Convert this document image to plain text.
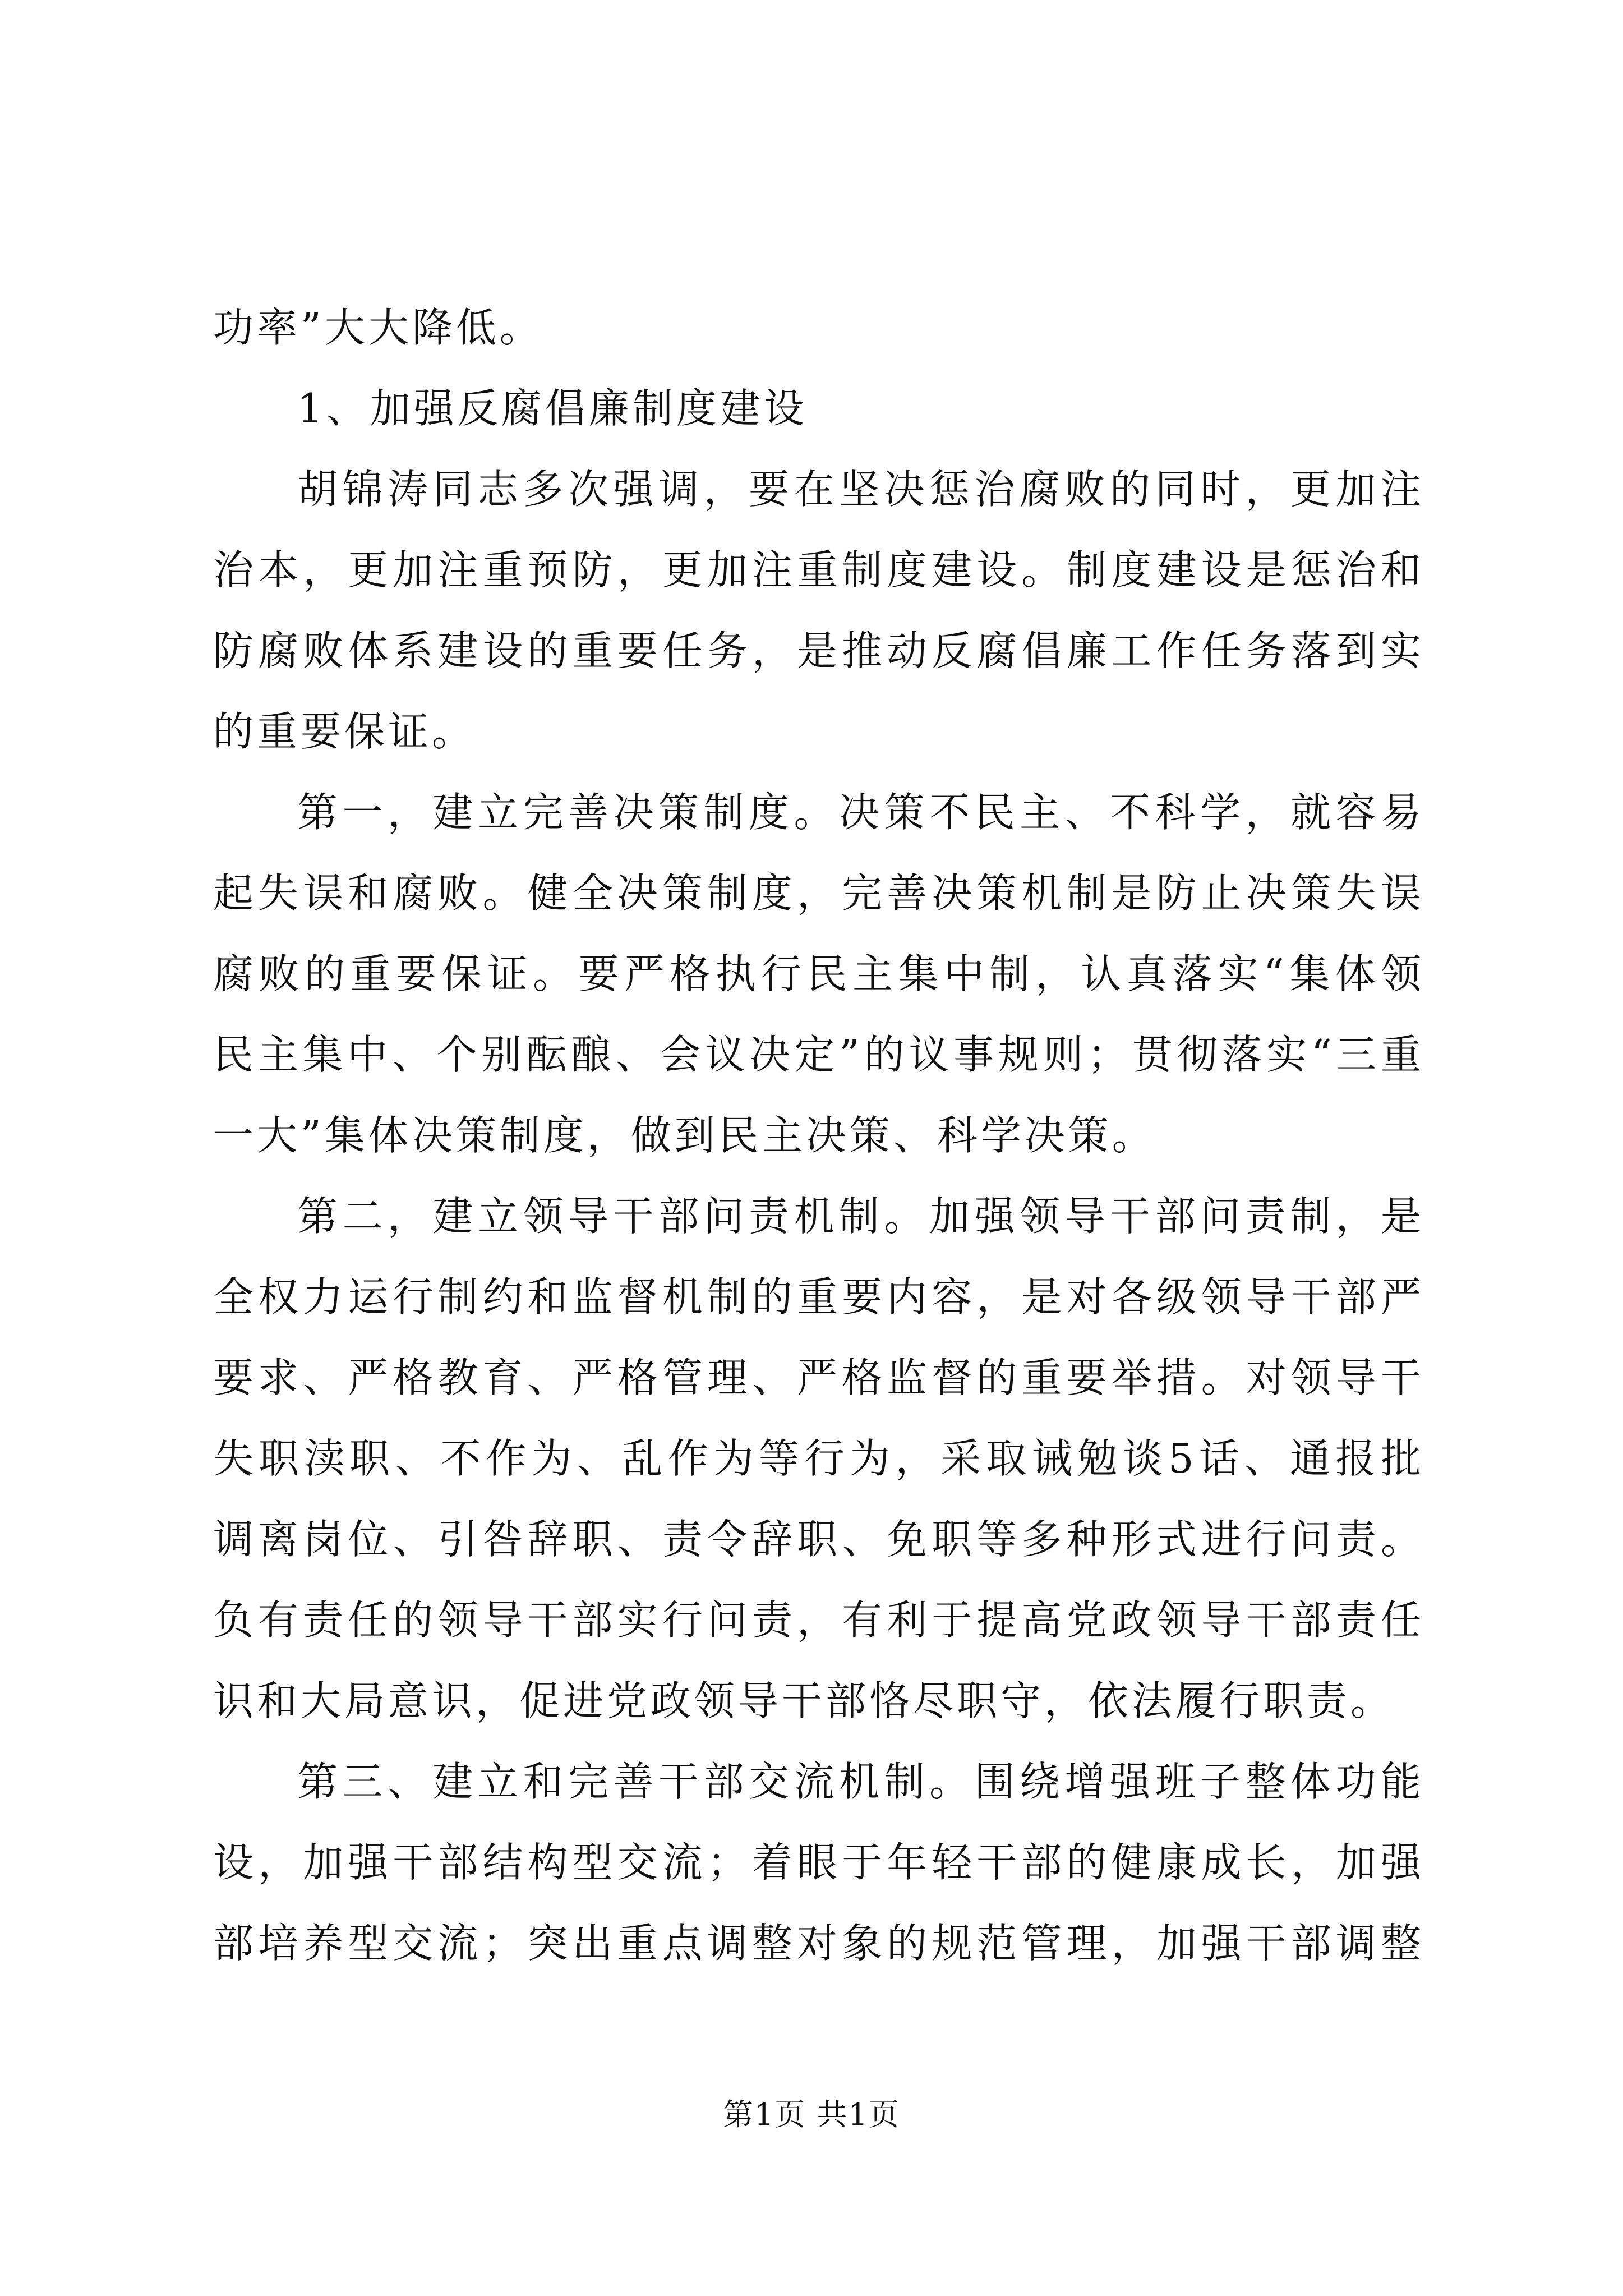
功率”大大降低。
1、加强反腐倡廉制度建设
胡锦涛同志多次强调，要在坚决惩治腐败的同时，更加注
治本，更加注重预防，更加注重制度建设。制度建设是惩治和
防腐败体系建设的重要任务，是推动反腐倡廉工作任务落到实
的重要保证。
第一，建立完善决策制度。决策不民主、不科学，就容易
起失误和腐败。健全决策制度，完善决策机制是防止决策失误
腐败的重要保证。要严格执行民主集中制，认真落实“集体领
民主集中、个别酝酿、会议决定”的议事规则；贯彻落实“三重
一大”集体决策制度，做到民主决策、科学决策。
第二，建立领导干部问责机制。加强领导干部问责制，是
全权力运行制约和监督机制的重要内容，是对各级领导干部严
要求、严格教育、严格管理、严格监督的重要举措。对领导干
失职渎职、不作为、乱作为等行为，采取诫勉谈5话、通报批
调离岗位、引咎辞职、责令辞职、免职等多种形式进行问责。
负有责任的领导干部实行问责，有利于提高党政领导干部责任
识和大局意识，促进党政领导干部恪尽职守，依法履行职责。
第三、建立和完善干部交流机制。围绕增强班子整体功能
设，加强干部结构型交流；着眼于年轻干部的健康成长，加强
部培养型交流；突出重点调整对象的规范管理，加强干部调整
第1页 共1页
